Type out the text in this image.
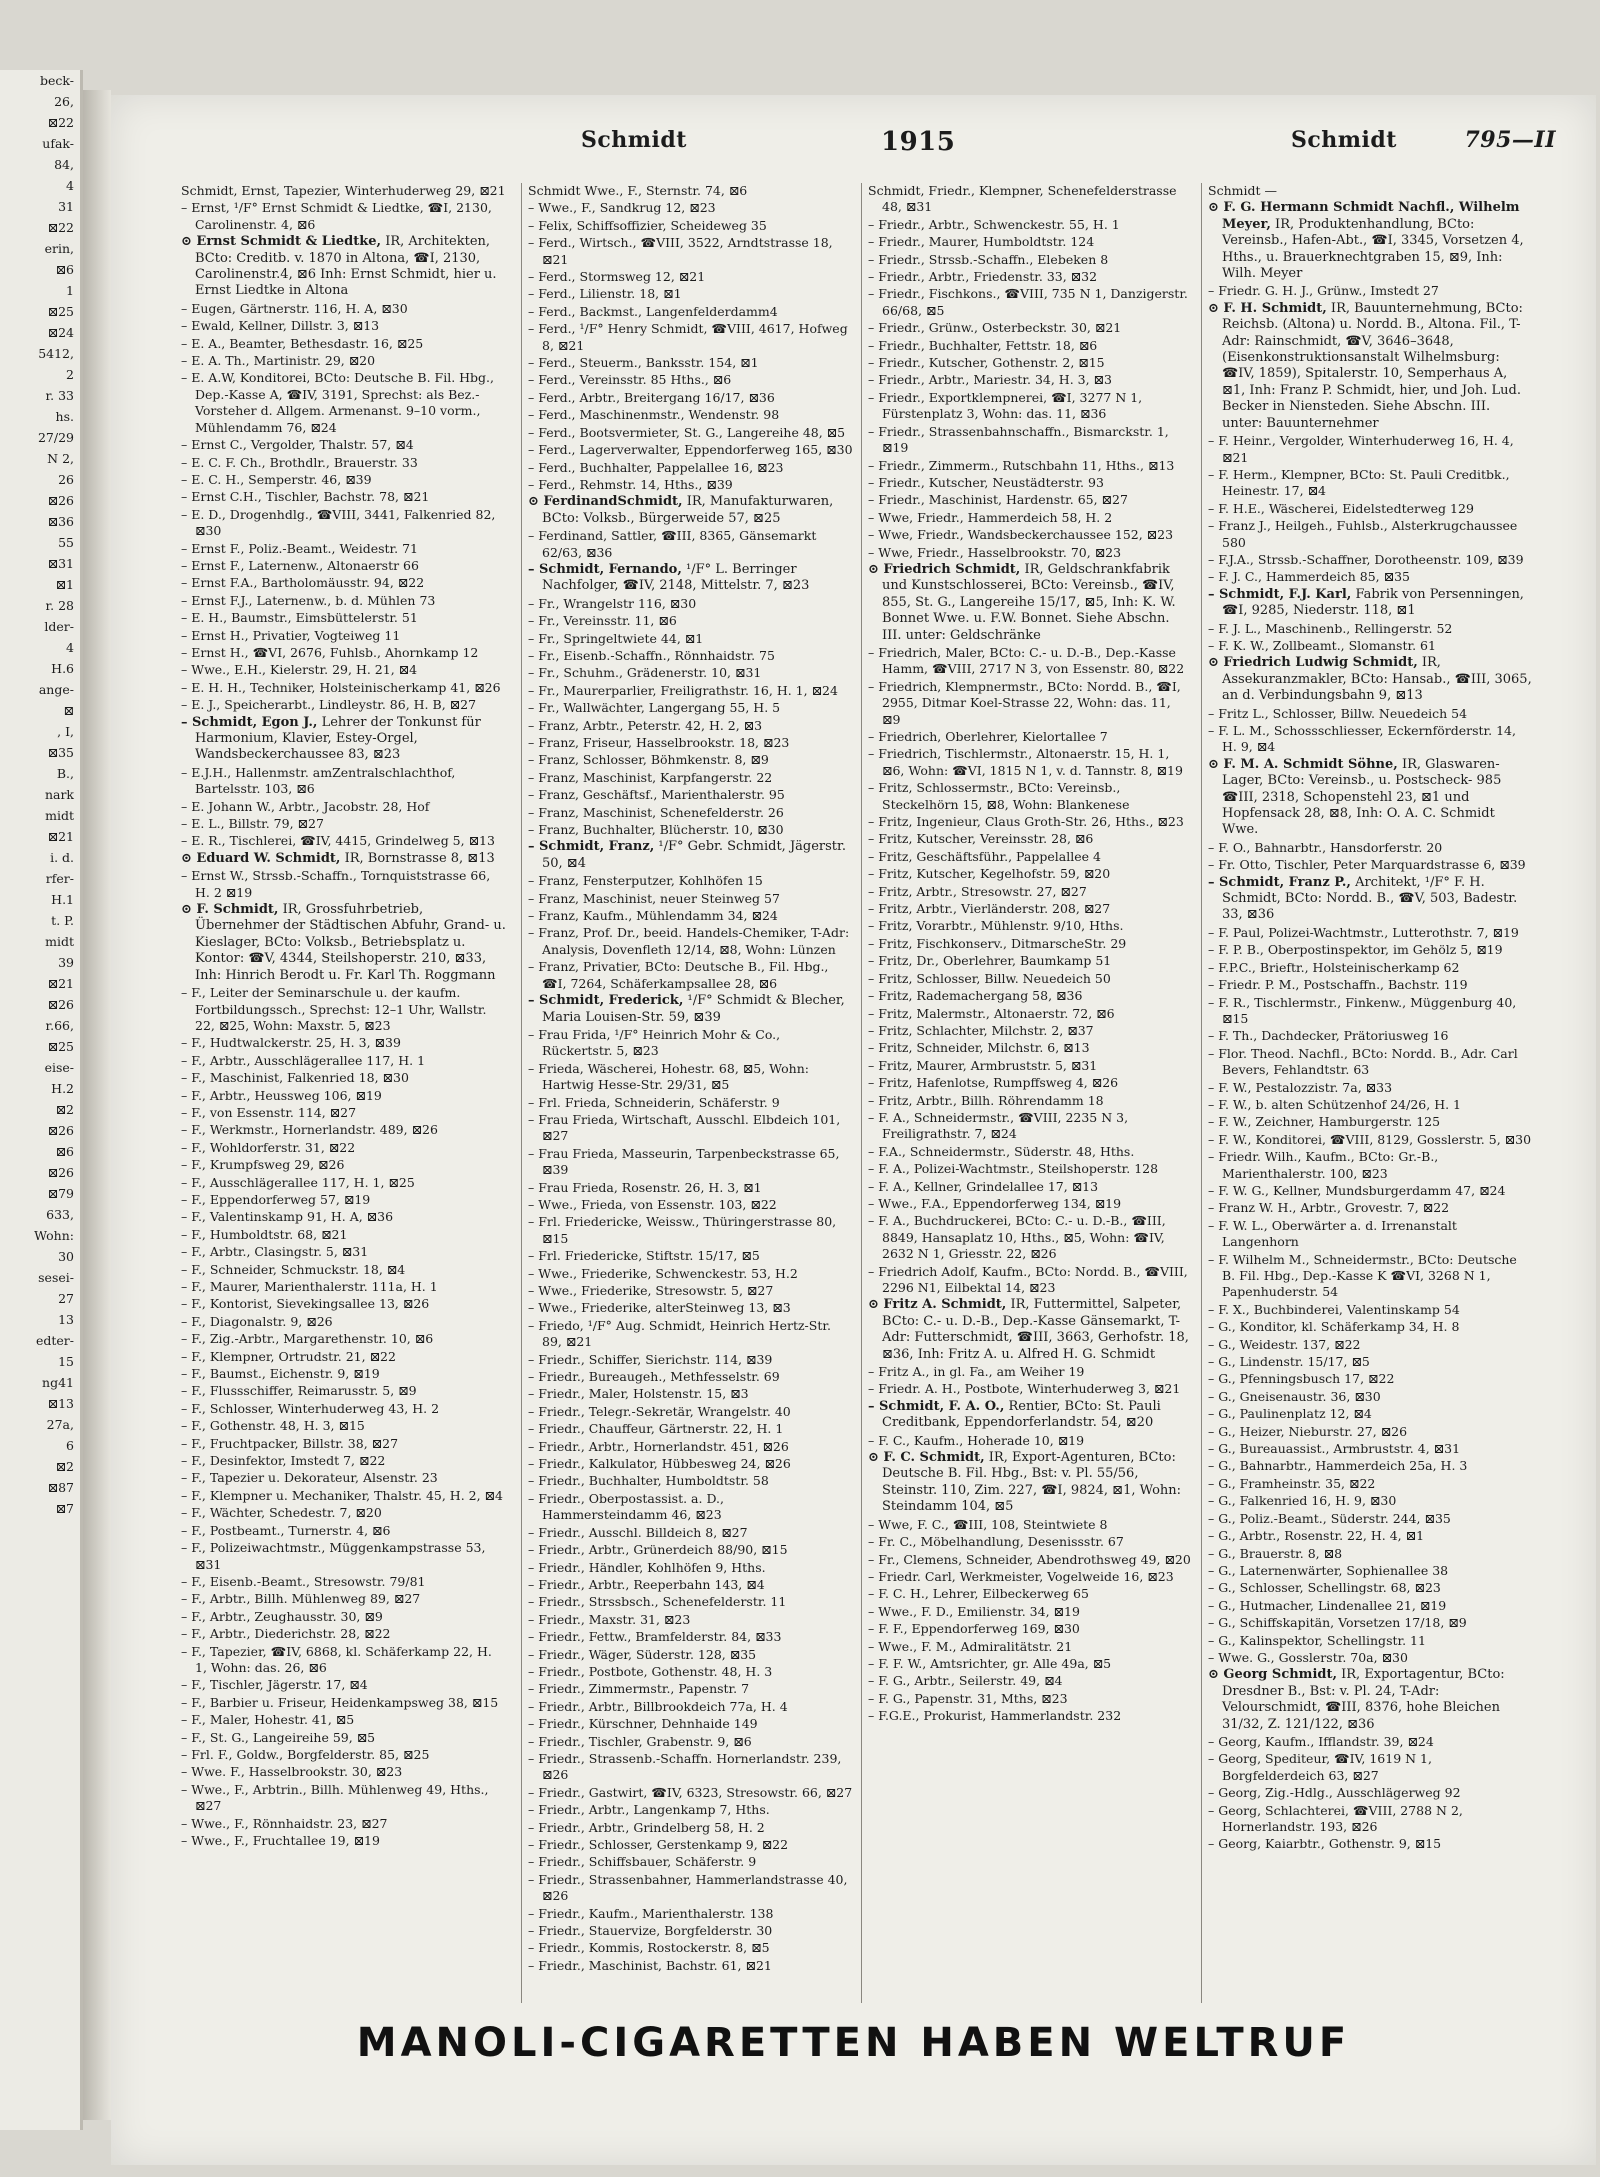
beck-
26,
⊠22
ufak-
84,
4
31
⊠22
erin,
⊠6
1
⊠25
⊠24
5412,
2
r. 33
hs.
27/29
N 2,
26
⊠26
⊠36
55
⊠31
⊠1
r. 28
lder-
4
H.6
ange-
⊠
, I,
⊠35
B.,
nark
midt
⊠21
i. d.
rfer-
H.1
t. P.
midt
39
⊠21
⊠26
r.66,
⊠25
eise-
H.2
⊠2
⊠26
⊠6
⊠26
⊠79
633,
Wohn:
30
sesei-
27
13
edter-
15
ng41
⊠13
27a,
6
⊠2
⊠87
⊠7
Schmidt	1915	Schmidt	795—II
Schmidt, Ernst, Tapezier, Winterhuderweg 29, ⊠21
– Ernst, ¹/F° Ernst Schmidt & Liedtke, ☎I, 2130, Carolinenstr. 4, ⊠6
⊙ Ernst Schmidt & Liedtke, IR, Architekten, BCto: Creditb. v. 1870 in Altona, ☎I, 2130, Carolinenstr.4, ⊠6 Inh: Ernst Schmidt, hier u. Ernst Liedtke in Altona
– Eugen, Gärtnerstr. 116, H. A, ⊠30
– Ewald, Kellner, Dillstr. 3, ⊠13
– E. A., Beamter, Bethesdastr. 16, ⊠25
– E. A. Th., Martinistr. 29, ⊠20
– E. A.W, Konditorei, BCto: Deutsche B. Fil. Hbg., Dep.-Kasse A, ☎IV, 3191, Sprechst: als Bez.-Vorsteher d. Allgem. Armenanst. 9–10 vorm., Mühlendamm 76, ⊠24
– Ernst C., Vergolder, Thalstr. 57, ⊠4
– E. C. F. Ch., Brothdlr., Brauerstr. 33
– E. C. H., Semperstr. 46, ⊠39
– Ernst C.H., Tischler, Bachstr. 78, ⊠21
– E. D., Drogenhdlg., ☎VIII, 3441, Falkenried 82, ⊠30
– Ernst F., Poliz.-Beamt., Weidestr. 71
– Ernst F., Laternenw., Altonaerstr 66
– Ernst F.A., Bartholomäusstr. 94, ⊠22
– Ernst F.J., Laternenw., b. d. Mühlen 73
– E. H., Baumstr., Eimsbüttelerstr. 51
– Ernst H., Privatier, Vogteiweg 11
– Ernst H., ☎VI, 2676, Fuhlsb., Ahornkamp 12
– Wwe., E.H., Kielerstr. 29, H. 21, ⊠4
– E. H. H., Techniker, Holsteinischerkamp 41, ⊠26
– E. J., Speicherarbt., Lindleystr. 86, H. B, ⊠27
– Schmidt, Egon J., Lehrer der Tonkunst für Harmonium, Klavier, Estey-Orgel, Wandsbeckerchaussee 83, ⊠23
– E.J.H., Hallenmstr. amZentralschlachthof, Bartelsstr. 103, ⊠6
– E. Johann W., Arbtr., Jacobstr. 28, Hof
– E. L., Billstr. 79, ⊠27
– E. R., Tischlerei, ☎IV, 4415, Grindelweg 5, ⊠13
⊙ Eduard W. Schmidt, IR, Bornstrasse 8, ⊠13
– Ernst W., Strssb.-Schaffn., Tornquiststrasse 66, H. 2 ⊠19
⊙ F. Schmidt, IR, Grossfuhrbetrieb, Übernehmer der Städtischen Abfuhr, Grand- u. Kieslager, BCto: Volksb., Betriebsplatz u. Kontor: ☎V, 4344, Steilshoperstr. 210, ⊠33, Inh: Hinrich Berodt u. Fr. Karl Th. Roggmann
– F., Leiter der Seminarschule u. der kaufm. Fortbildungssch., Sprechst: 12–1 Uhr, Wallstr. 22, ⊠25, Wohn: Maxstr. 5, ⊠23
– F., Hudtwalckerstr. 25, H. 3, ⊠39
– F., Arbtr., Ausschlägerallee 117, H. 1
– F., Maschinist, Falkenried 18, ⊠30
– F., Arbtr., Heussweg 106, ⊠19
– F., von Essenstr. 114, ⊠27
– F., Werkmstr., Hornerlandstr. 489, ⊠26
– F., Wohldorferstr. 31, ⊠22
– F., Krumpfsweg 29, ⊠26
– F., Ausschlägerallee 117, H. 1, ⊠25
– F., Eppendorferweg 57, ⊠19
– F., Valentinskamp 91, H. A, ⊠36
– F., Humboldtstr. 68, ⊠21
– F., Arbtr., Clasingstr. 5, ⊠31
– F., Schneider, Schmuckstr. 18, ⊠4
– F., Maurer, Marienthalerstr. 111a, H. 1
– F., Kontorist, Sievekingsallee 13, ⊠26
– F., Diagonalstr. 9, ⊠26
– F., Zig.-Arbtr., Margarethenstr. 10, ⊠6
– F., Klempner, Ortrudstr. 21, ⊠22
– F., Baumst., Eichenstr. 9, ⊠19
– F., Flussschiffer, Reimarusstr. 5, ⊠9
– F., Schlosser, Winterhuderweg 43, H. 2
– F., Gothenstr. 48, H. 3, ⊠15
– F., Fruchtpacker, Billstr. 38, ⊠27
– F., Desinfektor, Imstedt 7, ⊠22
– F., Tapezier u. Dekorateur, Alsenstr. 23
– F., Klempner u. Mechaniker, Thalstr. 45, H. 2, ⊠4
– F., Wächter, Schedestr. 7, ⊠20
– F., Postbeamt., Turnerstr. 4, ⊠6
– F., Polizeiwachtmstr., Müggenkampstrasse 53, ⊠31
– F., Eisenb.-Beamt., Stresowstr. 79/81
– F., Arbtr., Billh. Mühlenweg 89, ⊠27
– F., Arbtr., Zeughausstr. 30, ⊠9
– F., Arbtr., Diederichstr. 28, ⊠22
– F., Tapezier, ☎IV, 6868, kl. Schäferkamp 22, H. 1, Wohn: das. 26, ⊠6
– F., Tischler, Jägerstr. 17, ⊠4
– F., Barbier u. Friseur, Heidenkampsweg 38, ⊠15
– F., Maler, Hohestr. 41, ⊠5
– F., St. G., Langeireihe 59, ⊠5
– Frl. F., Goldw., Borgfelderstr. 85, ⊠25
– Wwe. F., Hasselbrookstr. 30, ⊠23
– Wwe., F., Arbtrin., Billh. Mühlenweg 49, Hths., ⊠27
– Wwe., F., Rönnhaidstr. 23, ⊠27
– Wwe., F., Fruchtallee 19, ⊠19
Schmidt Wwe., F., Sternstr. 74, ⊠6
– Wwe., F., Sandkrug 12, ⊠23
– Felix, Schiffsoffizier, Scheideweg 35
– Ferd., Wirtsch., ☎VIII, 3522, Arndtstrasse 18, ⊠21
– Ferd., Stormsweg 12, ⊠21
– Ferd., Lilienstr. 18, ⊠1
– Ferd., Backmst., Langenfelderdamm4
– Ferd., ¹/F° Henry Schmidt, ☎VIII, 4617, Hofweg 8, ⊠21
– Ferd., Steuerm., Banksstr. 154, ⊠1
– Ferd., Vereinsstr. 85 Hths., ⊠6
– Ferd., Arbtr., Breitergang 16/17, ⊠36
– Ferd., Maschinenmstr., Wendenstr. 98
– Ferd., Bootsvermieter, St. G., Langereihe 48, ⊠5
– Ferd., Lagerverwalter, Eppendorferweg 165, ⊠30
– Ferd., Buchhalter, Pappelallee 16, ⊠23
– Ferd., Rehmstr. 14, Hths., ⊠39
⊙ FerdinandSchmidt, IR, Manufakturwaren, BCto: Volksb., Bürgerweide 57, ⊠25
– Ferdinand, Sattler, ☎III, 8365, Gänsemarkt 62/63, ⊠36
– Schmidt, Fernando, ¹/F° L. Berringer Nachfolger, ☎IV, 2148, Mittelstr. 7, ⊠23
– Fr., Wrangelstr 116, ⊠30
– Fr., Vereinsstr. 11, ⊠6
– Fr., Springeltwiete 44, ⊠1
– Fr., Eisenb.-Schaffn., Rönnhaidstr. 75
– Fr., Schuhm., Grädenerstr. 10, ⊠31
– Fr., Maurerparlier, Freiligrathstr. 16, H. 1, ⊠24
– Fr., Wallwächter, Langergang 55, H. 5
– Franz, Arbtr., Peterstr. 42, H. 2, ⊠3
– Franz, Friseur, Hasselbrookstr. 18, ⊠23
– Franz, Schlosser, Böhmkenstr. 8, ⊠9
– Franz, Maschinist, Karpfangerstr. 22
– Franz, Geschäftsf., Marienthalerstr. 95
– Franz, Maschinist, Schenefelderstr. 26
– Franz, Buchhalter, Blücherstr. 10, ⊠30
– Schmidt, Franz, ¹/F° Gebr. Schmidt, Jägerstr. 50, ⊠4
– Franz, Fensterputzer, Kohlhöfen 15
– Franz, Maschinist, neuer Steinweg 57
– Franz, Kaufm., Mühlendamm 34, ⊠24
– Franz, Prof. Dr., beeid. Handels-Chemiker, T-Adr: Analysis, Dovenfleth 12/14, ⊠8, Wohn: Lünzen
– Franz, Privatier, BCto: Deutsche B., Fil. Hbg., ☎I, 7264, Schäferkampsallee 28, ⊠6
– Schmidt, Frederick, ¹/F° Schmidt & Blecher, Maria Louisen-Str. 59, ⊠39
– Frau Frida, ¹/F° Heinrich Mohr & Co., Rückertstr. 5, ⊠23
– Frieda, Wäscherei, Hohestr. 68, ⊠5, Wohn: Hartwig Hesse-Str. 29/31, ⊠5
– Frl. Frieda, Schneiderin, Schäferstr. 9
– Frau Frieda, Wirtschaft, Ausschl. Elbdeich 101, ⊠27
– Frau Frieda, Masseurin, Tarpenbeckstrasse 65, ⊠39
– Frau Frieda, Rosenstr. 26, H. 3, ⊠1
– Wwe., Frieda, von Essenstr. 103, ⊠22
– Frl. Friedericke, Weissw., Thüringerstrasse 80, ⊠15
– Frl. Friedericke, Stiftstr. 15/17, ⊠5
– Wwe., Friederike, Schwenckestr. 53, H.2
– Wwe., Friederike, Stresowstr. 5, ⊠27
– Wwe., Friederike, alterSteinweg 13, ⊠3
– Friedo, ¹/F° Aug. Schmidt, Heinrich Hertz-Str. 89, ⊠21
– Friedr., Schiffer, Sierichstr. 114, ⊠39
– Friedr., Bureaugeh., Methfesselstr. 69
– Friedr., Maler, Holstenstr. 15, ⊠3
– Friedr., Telegr.-Sekretär, Wrangelstr. 40
– Friedr., Chauffeur, Gärtnerstr. 22, H. 1
– Friedr., Arbtr., Hornerlandstr. 451, ⊠26
– Friedr., Kalkulator, Hübbesweg 24, ⊠26
– Friedr., Buchhalter, Humboldtstr. 58
– Friedr., Oberpostassist. a. D., Hammersteindamm 46, ⊠23
– Friedr., Ausschl. Billdeich 8, ⊠27
– Friedr., Arbtr., Grünerdeich 88/90, ⊠15
– Friedr., Händler, Kohlhöfen 9, Hths.
– Friedr., Arbtr., Reeperbahn 143, ⊠4
– Friedr., Strssbsch., Schenefelderstr. 11
– Friedr., Maxstr. 31, ⊠23
– Friedr., Fettw., Bramfelderstr. 84, ⊠33
– Friedr., Wäger, Süderstr. 128, ⊠35
– Friedr., Postbote, Gothenstr. 48, H. 3
– Friedr., Zimmermstr., Papenstr. 7
– Friedr., Arbtr., Billbrookdeich 77a, H. 4
– Friedr., Kürschner, Dehnhaide 149
– Friedr., Tischler, Grabenstr. 9, ⊠6
– Friedr., Strassenb.-Schaffn. Hornerlandstr. 239, ⊠26
– Friedr., Gastwirt, ☎IV, 6323, Stresowstr. 66, ⊠27
– Friedr., Arbtr., Langenkamp 7, Hths.
– Friedr., Arbtr., Grindelberg 58, H. 2
– Friedr., Schlosser, Gerstenkamp 9, ⊠22
– Friedr., Schiffsbauer, Schäferstr. 9
– Friedr., Strassenbahner, Hammerlandstrasse 40, ⊠26
– Friedr., Kaufm., Marienthalerstr. 138
– Friedr., Stauervize, Borgfelderstr. 30
– Friedr., Kommis, Rostockerstr. 8, ⊠5
– Friedr., Maschinist, Bachstr. 61, ⊠21
Schmidt, Friedr., Klempner, Schenefelderstrasse 48, ⊠31
– Friedr., Arbtr., Schwenckestr. 55, H. 1
– Friedr., Maurer, Humboldtstr. 124
– Friedr., Strssb.-Schaffn., Elebeken 8
– Friedr., Arbtr., Friedenstr. 33, ⊠32
– Friedr., Fischkons., ☎VIII, 735 N 1, Danzigerstr. 66/68, ⊠5
– Friedr., Grünw., Osterbeckstr. 30, ⊠21
– Friedr., Buchhalter, Fettstr. 18, ⊠6
– Friedr., Kutscher, Gothenstr. 2, ⊠15
– Friedr., Arbtr., Mariestr. 34, H. 3, ⊠3
– Friedr., Exportklempnerei, ☎I, 3277 N 1, Fürstenplatz 3, Wohn: das. 11, ⊠36
– Friedr., Strassenbahnschaffn., Bismarckstr. 1, ⊠19
– Friedr., Zimmerm., Rutschbahn 11, Hths., ⊠13
– Friedr., Kutscher, Neustädterstr. 93
– Friedr., Maschinist, Hardenstr. 65, ⊠27
– Wwe, Friedr., Hammerdeich 58, H. 2
– Wwe, Friedr., Wandsbeckerchaussee 152, ⊠23
– Wwe, Friedr., Hasselbrookstr. 70, ⊠23
⊙ Friedrich Schmidt, IR, Geldschrankfabrik und Kunstschlosserei, BCto: Vereinsb., ☎IV, 855, St. G., Langereihe 15/17, ⊠5, Inh: K. W. Bonnet Wwe. u. F.W. Bonnet. Siehe Abschn. III. unter: Geldschränke
– Friedrich, Maler, BCto: C.- u. D.-B., Dep.-Kasse Hamm, ☎VIII, 2717 N 3, von Essenstr. 80, ⊠22
– Friedrich, Klempnermstr., BCto: Nordd. B., ☎I, 2955, Ditmar Koel-Strasse 22, Wohn: das. 11, ⊠9
– Friedrich, Oberlehrer, Kielortallee 7
– Friedrich, Tischlermstr., Altonaerstr. 15, H. 1, ⊠6, Wohn: ☎VI, 1815 N 1, v. d. Tannstr. 8, ⊠19
– Fritz, Schlossermstr., BCto: Vereinsb., Steckelhörn 15, ⊠8, Wohn: Blankenese
– Fritz, Ingenieur, Claus Groth-Str. 26, Hths., ⊠23
– Fritz, Kutscher, Vereinsstr. 28, ⊠6
– Fritz, Geschäftsführ., Pappelallee 4
– Fritz, Kutscher, Kegelhofstr. 59, ⊠20
– Fritz, Arbtr., Stresowstr. 27, ⊠27
– Fritz, Arbtr., Vierländerstr. 208, ⊠27
– Fritz, Vorarbtr., Mühlenstr. 9/10, Hths.
– Fritz, Fischkonserv., DitmarscheStr. 29
– Fritz, Dr., Oberlehrer, Baumkamp 51
– Fritz, Schlosser, Billw. Neuedeich 50
– Fritz, Rademachergang 58, ⊠36
– Fritz, Malermstr., Altonaerstr. 72, ⊠6
– Fritz, Schlachter, Milchstr. 2, ⊠37
– Fritz, Schneider, Milchstr. 6, ⊠13
– Fritz, Maurer, Armbruststr. 5, ⊠31
– Fritz, Hafenlotse, Rumpffsweg 4, ⊠26
– Fritz, Arbtr., Billh. Röhrendamm 18
– F. A., Schneidermstr., ☎VIII, 2235 N 3, Freiligrathstr. 7, ⊠24
– F.A., Schneidermstr., Süderstr. 48, Hths.
– F. A., Polizei-Wachtmstr., Steilshoperstr. 128
– F. A., Kellner, Grindelallee 17, ⊠13
– Wwe., F.A., Eppendorferweg 134, ⊠19
– F. A., Buchdruckerei, BCto: C.- u. D.-B., ☎III, 8849, Hansaplatz 10, Hths., ⊠5, Wohn: ☎IV, 2632 N 1, Griesstr. 22, ⊠26
– Friedrich Adolf, Kaufm., BCto: Nordd. B., ☎VIII, 2296 N1, Eilbektal 14, ⊠23
⊙ Fritz A. Schmidt, IR, Futtermittel, Salpeter, BCto: C.- u. D.-B., Dep.-Kasse Gänsemarkt, T-Adr: Futterschmidt, ☎III, 3663, Gerhofstr. 18, ⊠36, Inh: Fritz A. u. Alfred H. G. Schmidt
– Fritz A., in gl. Fa., am Weiher 19
– Friedr. A. H., Postbote, Winterhuderweg 3, ⊠21
– Schmidt, F. A. O., Rentier, BCto: St. Pauli Creditbank, Eppendorferlandstr. 54, ⊠20
– F. C., Kaufm., Hoherade 10, ⊠19
⊙ F. C. Schmidt, IR, Export-Agenturen, BCto: Deutsche B. Fil. Hbg., Bst: v. Pl. 55/56, Steinstr. 110, Zim. 227, ☎I, 9824, ⊠1, Wohn: Steindamm 104, ⊠5
– Wwe, F. C., ☎III, 108, Steintwiete 8
– Fr. C., Möbelhandlung, Desenissstr. 67
– Fr., Clemens, Schneider, Abendrothsweg 49, ⊠20
– Friedr. Carl, Werkmeister, Vogelweide 16, ⊠23
– F. C. H., Lehrer, Eilbeckerweg 65
– Wwe., F. D., Emilienstr. 34, ⊠19
– F. F., Eppendorferweg 169, ⊠30
– Wwe., F. M., Admiralitätstr. 21
– F. F. W., Amtsrichter, gr. Alle 49a, ⊠5
– F. G., Arbtr., Seilerstr. 49, ⊠4
– F. G., Papenstr. 31, Mths, ⊠23
– F.G.E., Prokurist, Hammerlandstr. 232
Schmidt —
⊙ F. G. Hermann Schmidt Nachfl., Wilhelm Meyer, IR, Produktenhandlung, BCto: Vereinsb., Hafen-Abt., ☎I, 3345, Vorsetzen 4, Hths., u. Brauerknechtgraben 15, ⊠9, Inh: Wilh. Meyer
– Friedr. G. H. J., Grünw., Imstedt 27
⊙ F. H. Schmidt, IR, Bauunternehmung, BCto: Reichsb. (Altona) u. Nordd. B., Altona. Fil., T-Adr: Rainschmidt, ☎V, 3646–3648, (Eisenkonstruktionsanstalt Wilhelmsburg: ☎IV, 1859), Spitalerstr. 10, Semperhaus A, ⊠1, Inh: Franz P. Schmidt, hier, und Joh. Lud. Becker in Niensteden. Siehe Abschn. III. unter: Bauunternehmer
– F. Heinr., Vergolder, Winterhuderweg 16, H. 4, ⊠21
– F. Herm., Klempner, BCto: St. Pauli Creditbk., Heinestr. 17, ⊠4
– F. H.E., Wäscherei, Eidelstedterweg 129
– Franz J., Heilgeh., Fuhlsb., Alsterkrugchaussee 580
– F.J.A., Strssb.-Schaffner, Dorotheenstr. 109, ⊠39
– F. J. C., Hammerdeich 85, ⊠35
– Schmidt, F.J. Karl, Fabrik von Persenningen, ☎I, 9285, Niederstr. 118, ⊠1
– F. J. L., Maschinenb., Rellingerstr. 52
– F. K. W., Zollbeamt., Slomanstr. 61
⊙ Friedrich Ludwig Schmidt, IR, Assekuranzmakler, BCto: Hansab., ☎III, 3065, an d. Verbindungsbahn 9, ⊠13
– Fritz L., Schlosser, Billw. Neuedeich 54
– F. L. M., Schossschliesser, Eckernförderstr. 14, H. 9, ⊠4
⊙ F. M. A. Schmidt Söhne, IR, Glaswaren-Lager, BCto: Vereinsb., u. Postscheck- 985 ☎III, 2318, Schopenstehl 23, ⊠1 und Hopfensack 28, ⊠8, Inh: O. A. C. Schmidt Wwe.
– F. O., Bahnarbtr., Hansdorferstr. 20
– Fr. Otto, Tischler, Peter Marquardstrasse 6, ⊠39
– Schmidt, Franz P., Architekt, ¹/F° F. H. Schmidt, BCto: Nordd. B., ☎V, 503, Badestr. 33, ⊠36
– F. Paul, Polizei-Wachtmstr., Lutterothstr. 7, ⊠19
– F. P. B., Oberpostinspektor, im Gehölz 5, ⊠19
– F.P.C., Brieftr., Holsteinischerkamp 62
– Friedr. P. M., Postschaffn., Bachstr. 119
– F. R., Tischlermstr., Finkenw., Müggenburg 40, ⊠15
– F. Th., Dachdecker, Prätoriusweg 16
– Flor. Theod. Nachfl., BCto: Nordd. B., Adr. Carl Bevers, Fehlandtstr. 63
– F. W., Pestalozzistr. 7a, ⊠33
– F. W., b. alten Schützenhof 24/26, H. 1
– F. W., Zeichner, Hamburgerstr. 125
– F. W., Konditorei, ☎VIII, 8129, Gosslerstr. 5, ⊠30
– Friedr. Wilh., Kaufm., BCto: Gr.-B., Marienthalerstr. 100, ⊠23
– F. W. G., Kellner, Mundsburgerdamm 47, ⊠24
– Franz W. H., Arbtr., Grovestr. 7, ⊠22
– F. W. L., Oberwärter a. d. Irrenanstalt Langenhorn
– F. Wilhelm M., Schneidermstr., BCto: Deutsche B. Fil. Hbg., Dep.-Kasse K ☎VI, 3268 N 1, Papenhuderstr. 54
– F. X., Buchbinderei, Valentinskamp 54
– G., Konditor, kl. Schäferkamp 34, H. 8
– G., Weidestr. 137, ⊠22
– G., Lindenstr. 15/17, ⊠5
– G., Pfenningsbusch 17, ⊠22
– G., Gneisenaustr. 36, ⊠30
– G., Paulinenplatz 12, ⊠4
– G., Heizer, Nieburstr. 27, ⊠26
– G., Bureauassist., Armbruststr. 4, ⊠31
– G., Bahnarbtr., Hammerdeich 25a, H. 3
– G., Framheinstr. 35, ⊠22
– G., Falkenried 16, H. 9, ⊠30
– G., Poliz.-Beamt., Süderstr. 244, ⊠35
– G., Arbtr., Rosenstr. 22, H. 4, ⊠1
– G., Brauerstr. 8, ⊠8
– G., Laternenwärter, Sophienallee 38
– G., Schlosser, Schellingstr. 68, ⊠23
– G., Hutmacher, Lindenallee 21, ⊠19
– G., Schiffskapitän, Vorsetzen 17/18, ⊠9
– G., Kalinspektor, Schellingstr. 11
– Wwe. G., Gosslerstr. 70a, ⊠30
⊙ Georg Schmidt, IR, Exportagentur, BCto: Dresdner B., Bst: v. Pl. 24, T-Adr: Velourschmidt, ☎III, 8376, hohe Bleichen 31/32, Z. 121/122, ⊠36
– Georg, Kaufm., Ifflandstr. 39, ⊠24
– Georg, Spediteur, ☎IV, 1619 N 1, Borgfelderdeich 63, ⊠27
– Georg, Zig.-Hdlg., Ausschlägerweg 92
– Georg, Schlachterei, ☎VIII, 2788 N 2, Hornerlandstr. 193, ⊠26
– Georg, Kaiarbtr., Gothenstr. 9, ⊠15
MANOLI-CIGARETTEN HABEN WELTRUF
